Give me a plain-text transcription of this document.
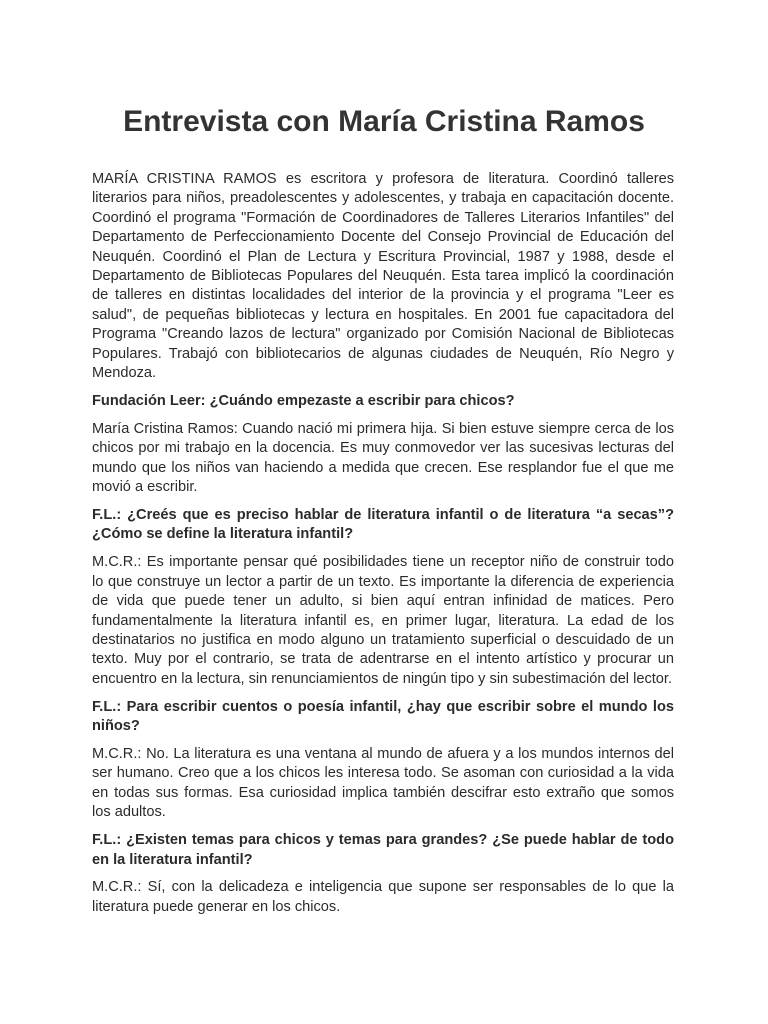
Entrevista con María Cristina Ramos

MARÍA CRISTINA RAMOS es escritora y profesora de literatura. Coordinó talleres literarios para niños, preadolescentes y adolescentes, y trabaja en capacitación docente. Coordinó el programa "Formación de Coordinadores de Talleres Literarios Infantiles" del Departamento de Perfeccionamiento Docente del Consejo Provincial de Educación del Neuquén. Coordinó el Plan de Lectura y Escritura Provincial, 1987 y 1988, desde el Departamento de Bibliotecas Populares del Neuquén. Esta tarea implicó la coordinación de talleres en distintas localidades del interior de la provincia y el programa "Leer es salud", de pequeñas bibliotecas y lectura en hospitales. En 2001 fue capacitadora del Programa "Creando lazos de lectura" organizado por Comisión Nacional de Bibliotecas Populares. Trabajó con bibliotecarios de algunas ciudades de Neuquén, Río Negro y Mendoza.

Fundación Leer: ¿Cuándo empezaste a escribir para chicos?

María Cristina Ramos: Cuando nació mi primera hija. Si bien estuve siempre cerca de los chicos por mi trabajo en la docencia. Es muy conmovedor ver las sucesivas lecturas del mundo que los niños van haciendo a medida que crecen. Ese resplandor fue el que me movió a escribir.

F.L.: ¿Creés que es preciso hablar de literatura infantil o de literatura “a secas”? ¿Cómo se define la literatura infantil?

M.C.R.: Es importante pensar qué posibilidades tiene un receptor niño de construir todo lo que construye un lector a partir de un texto. Es importante la diferencia de experiencia de vida que puede tener un adulto, si bien aquí entran infinidad de matices. Pero fundamentalmente la literatura infantil es, en primer lugar, literatura. La edad de los destinatarios no justifica en modo alguno un tratamiento superficial o descuidado de un texto. Muy por el contrario, se trata de adentrarse en el intento artístico y procurar un encuentro en la lectura, sin renunciamientos de ningún tipo y sin subestimación del lector.

F.L.: Para escribir cuentos o poesía infantil, ¿hay que escribir sobre el mundo los niños?

M.C.R.: No. La literatura es una ventana al mundo de afuera y a los mundos internos del ser humano. Creo que a los chicos les interesa todo. Se asoman con curiosidad a la vida en todas sus formas. Esa curiosidad implica también descifrar esto extraño que somos los adultos.

F.L.: ¿Existen temas para chicos y temas para grandes? ¿Se puede hablar de todo en la literatura infantil?

M.C.R.: Sí, con la delicadeza e inteligencia que supone ser responsables de lo que la literatura puede generar en los chicos.
